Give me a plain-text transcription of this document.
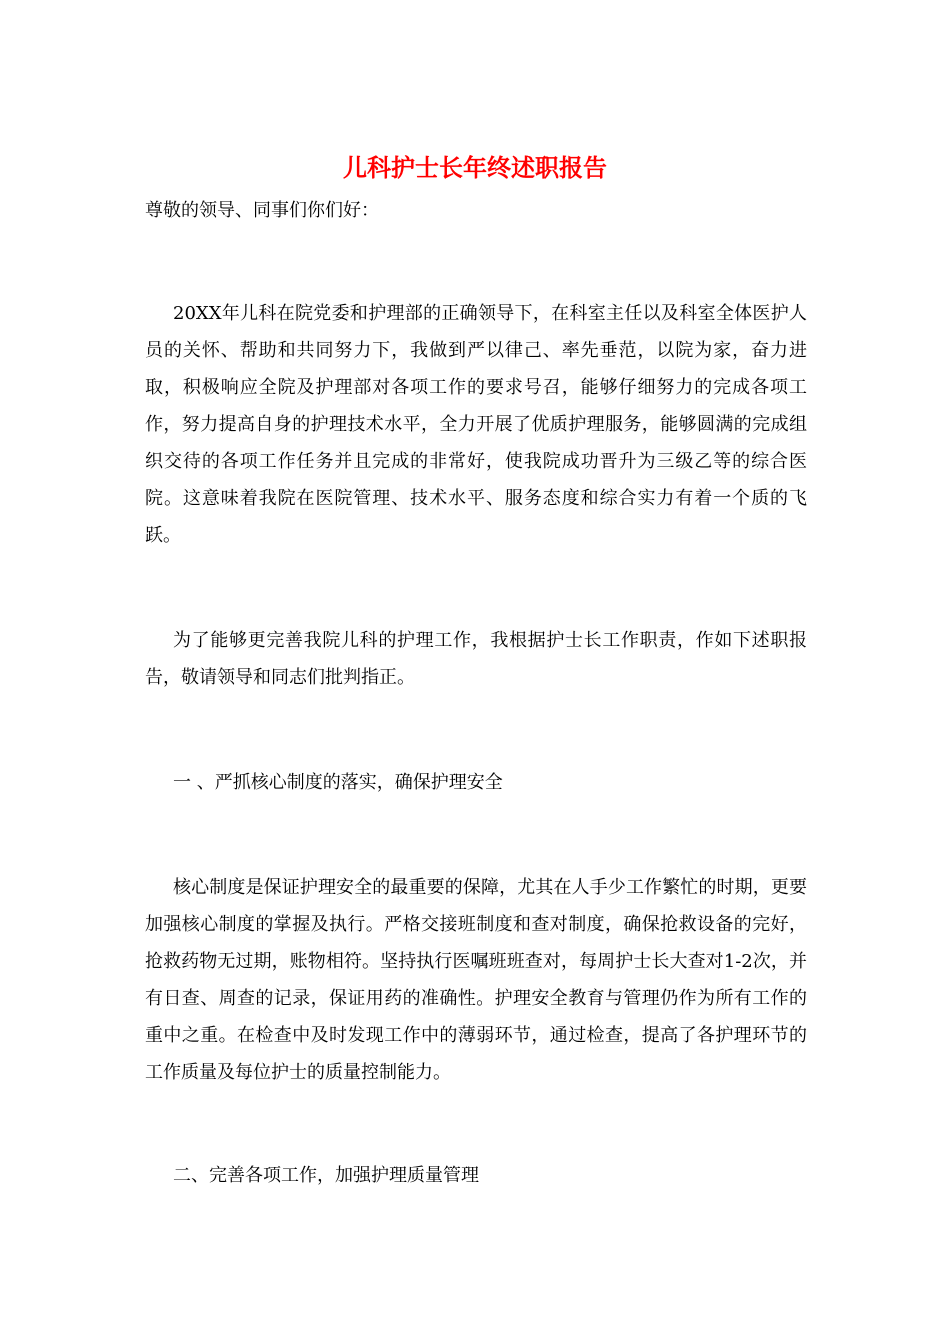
儿科护士长年终述职报告

尊敬的领导、同事们你们好：

20XX年儿科在院党委和护理部的正确领导下，在科室主任以及科室全体医护人员的关怀、帮助和共同努力下，我做到严以律己、率先垂范，以院为家，奋力进取，积极响应全院及护理部对各项工作的要求号召，能够仔细努力的完成各项工作，努力提高自身的护理技术水平，全力开展了优质护理服务，能够圆满的完成组织交待的各项工作任务并且完成的非常好，使我院成功晋升为三级乙等的综合医院。这意味着我院在医院管理、技术水平、服务态度和综合实力有着一个质的飞跃。

为了能够更完善我院儿科的护理工作，我根据护士长工作职责，作如下述职报告，敬请领导和同志们批判指正。

一 、严抓核心制度的落实，确保护理安全

核心制度是保证护理安全的最重要的保障，尤其在人手少工作繁忙的时期，更要加强核心制度的掌握及执行。严格交接班制度和查对制度，确保抢救设备的完好，抢救药物无过期，账物相符。坚持执行医嘱班班查对，每周护士长大查对1-2次，并有日查、周查的记录，保证用药的准确性。护理安全教育与管理仍作为所有工作的重中之重。在检查中及时发现工作中的薄弱环节，通过检查，提高了各护理环节的工作质量及每位护士的质量控制能力。

二、完善各项工作，加强护理质量管理
